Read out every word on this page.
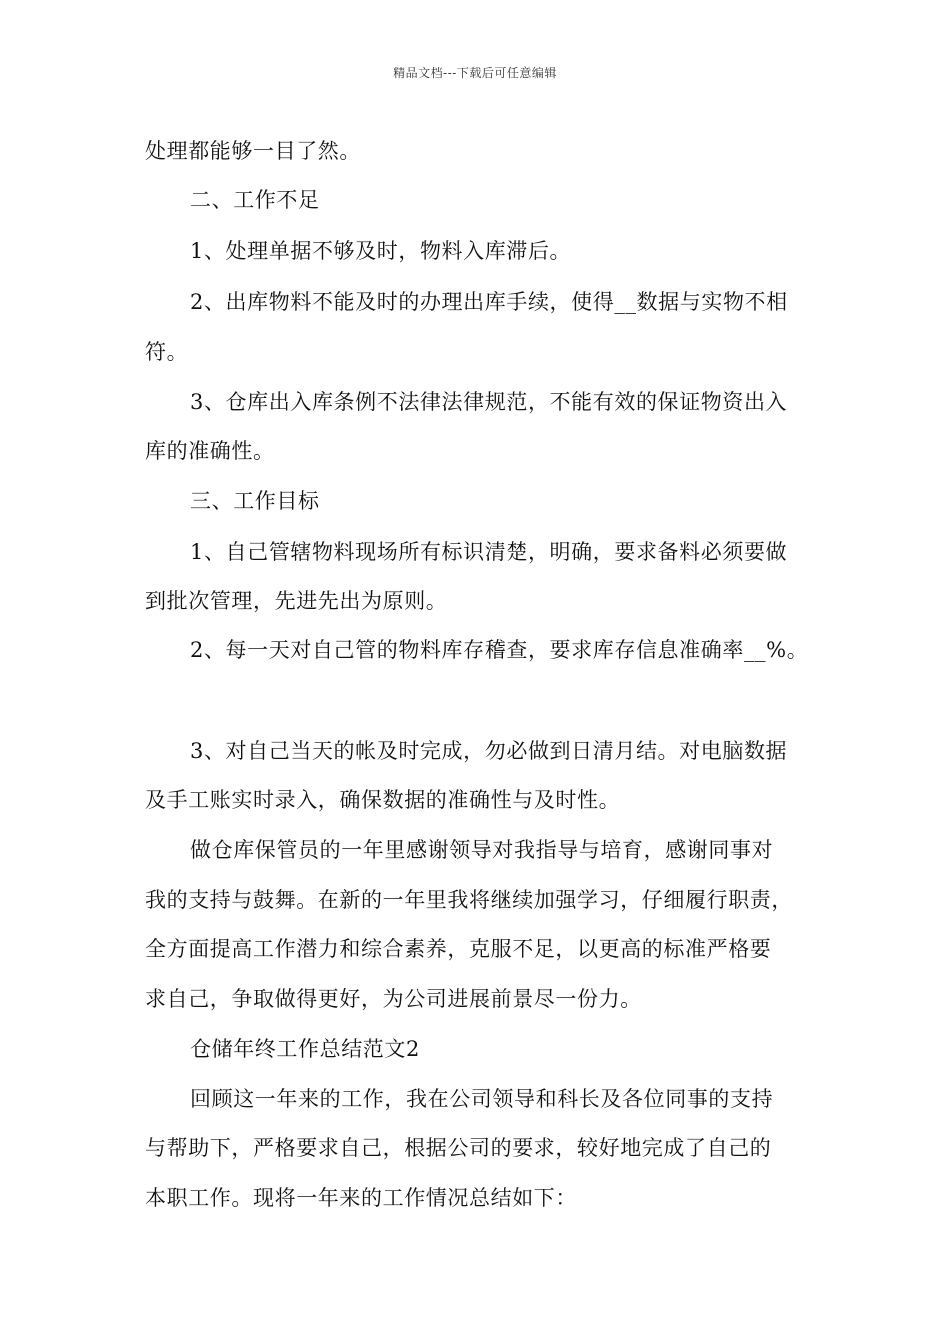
精品文档---下载后可任意编辑
处理都能够一目了然。
二、工作不足
1、处理单据不够及时，物料入库滞后。
2、出库物料不能及时的办理出库手续，使得__数据与实物不相
符。
3、仓库出入库条例不法律法律规范，不能有效的保证物资出入
库的准确性。
三、工作目标
1、自己管辖物料现场所有标识清楚，明确，要求备料必须要做
到批次管理，先进先出为原则。
2、每一天对自己管的物料库存稽查，要求库存信息准确率__%。
3、对自己当天的帐及时完成，勿必做到日清月结。对电脑数据
及手工账实时录入，确保数据的准确性与及时性。
做仓库保管员的一年里感谢领导对我指导与培育，感谢同事对
我的支持与鼓舞。在新的一年里我将继续加强学习，仔细履行职责，
全方面提高工作潜力和综合素养，克服不足，以更高的标准严格要
求自己，争取做得更好，为公司进展前景尽一份力。
仓储年终工作总结范文2
回顾这一年来的工作，我在公司领导和科长及各位同事的支持
与帮助下，严格要求自己，根据公司的要求，较好地完成了自己的
本职工作。现将一年来的工作情况总结如下：
